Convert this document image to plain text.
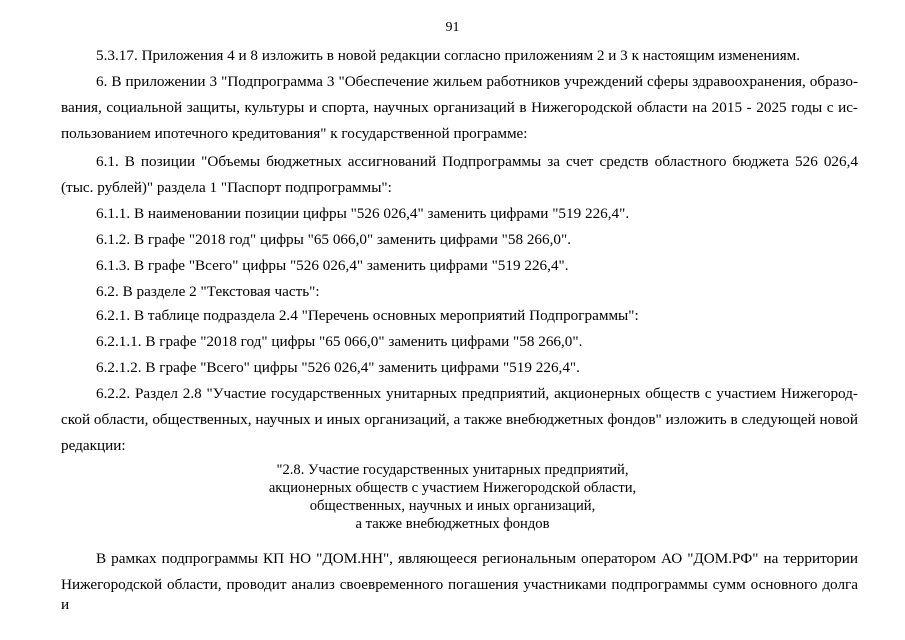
91
5.3.17. Приложения 4 и 8 изложить в новой редакции согласно приложениям 2 и 3 к настоящим изменениям.
6. В приложении 3 "Подпрограмма 3 "Обеспечение жильем работников учреждений сферы здравоохранения, образо-
вания, социальной защиты, культуры и спорта, научных организаций в Нижегородской области на 2015 - 2025 годы с ис-
пользованием ипотечного кредитования" к государственной программе:
6.1. В позиции "Объемы бюджетных ассигнований Подпрограммы за счет средств областного бюджета 526 026,4
(тыс. рублей)" раздела 1 "Паспорт подпрограммы":
6.1.1. В наименовании позиции цифры "526 026,4" заменить цифрами "519 226,4".
6.1.2. В графе "2018 год" цифры "65 066,0" заменить цифрами "58 266,0".
6.1.3. В графе "Всего" цифры "526 026,4" заменить цифрами "519 226,4".
6.2. В разделе 2 "Текстовая часть":
6.2.1. В таблице подраздела 2.4 "Перечень основных мероприятий Подпрограммы":
6.2.1.1. В графе "2018 год" цифры "65 066,0" заменить цифрами "58 266,0".
6.2.1.2. В графе "Всего" цифры "526 026,4" заменить цифрами "519 226,4".
6.2.2. Раздел 2.8 "Участие государственных унитарных предприятий, акционерных обществ с участием Нижегород-
ской области, общественных, научных и иных организаций, а также внебюджетных фондов" изложить в следующей новой
редакции:
"2.8. Участие государственных унитарных предприятий,
акционерных обществ с участием Нижегородской области,
общественных, научных и иных организаций,
а также внебюджетных фондов
В рамках подпрограммы КП НО "ДОМ.НН", являющееся региональным оператором АО "ДОМ.РФ" на территории
Нижегородской области, проводит анализ своевременного погашения участниками подпрограммы сумм основного долга и
